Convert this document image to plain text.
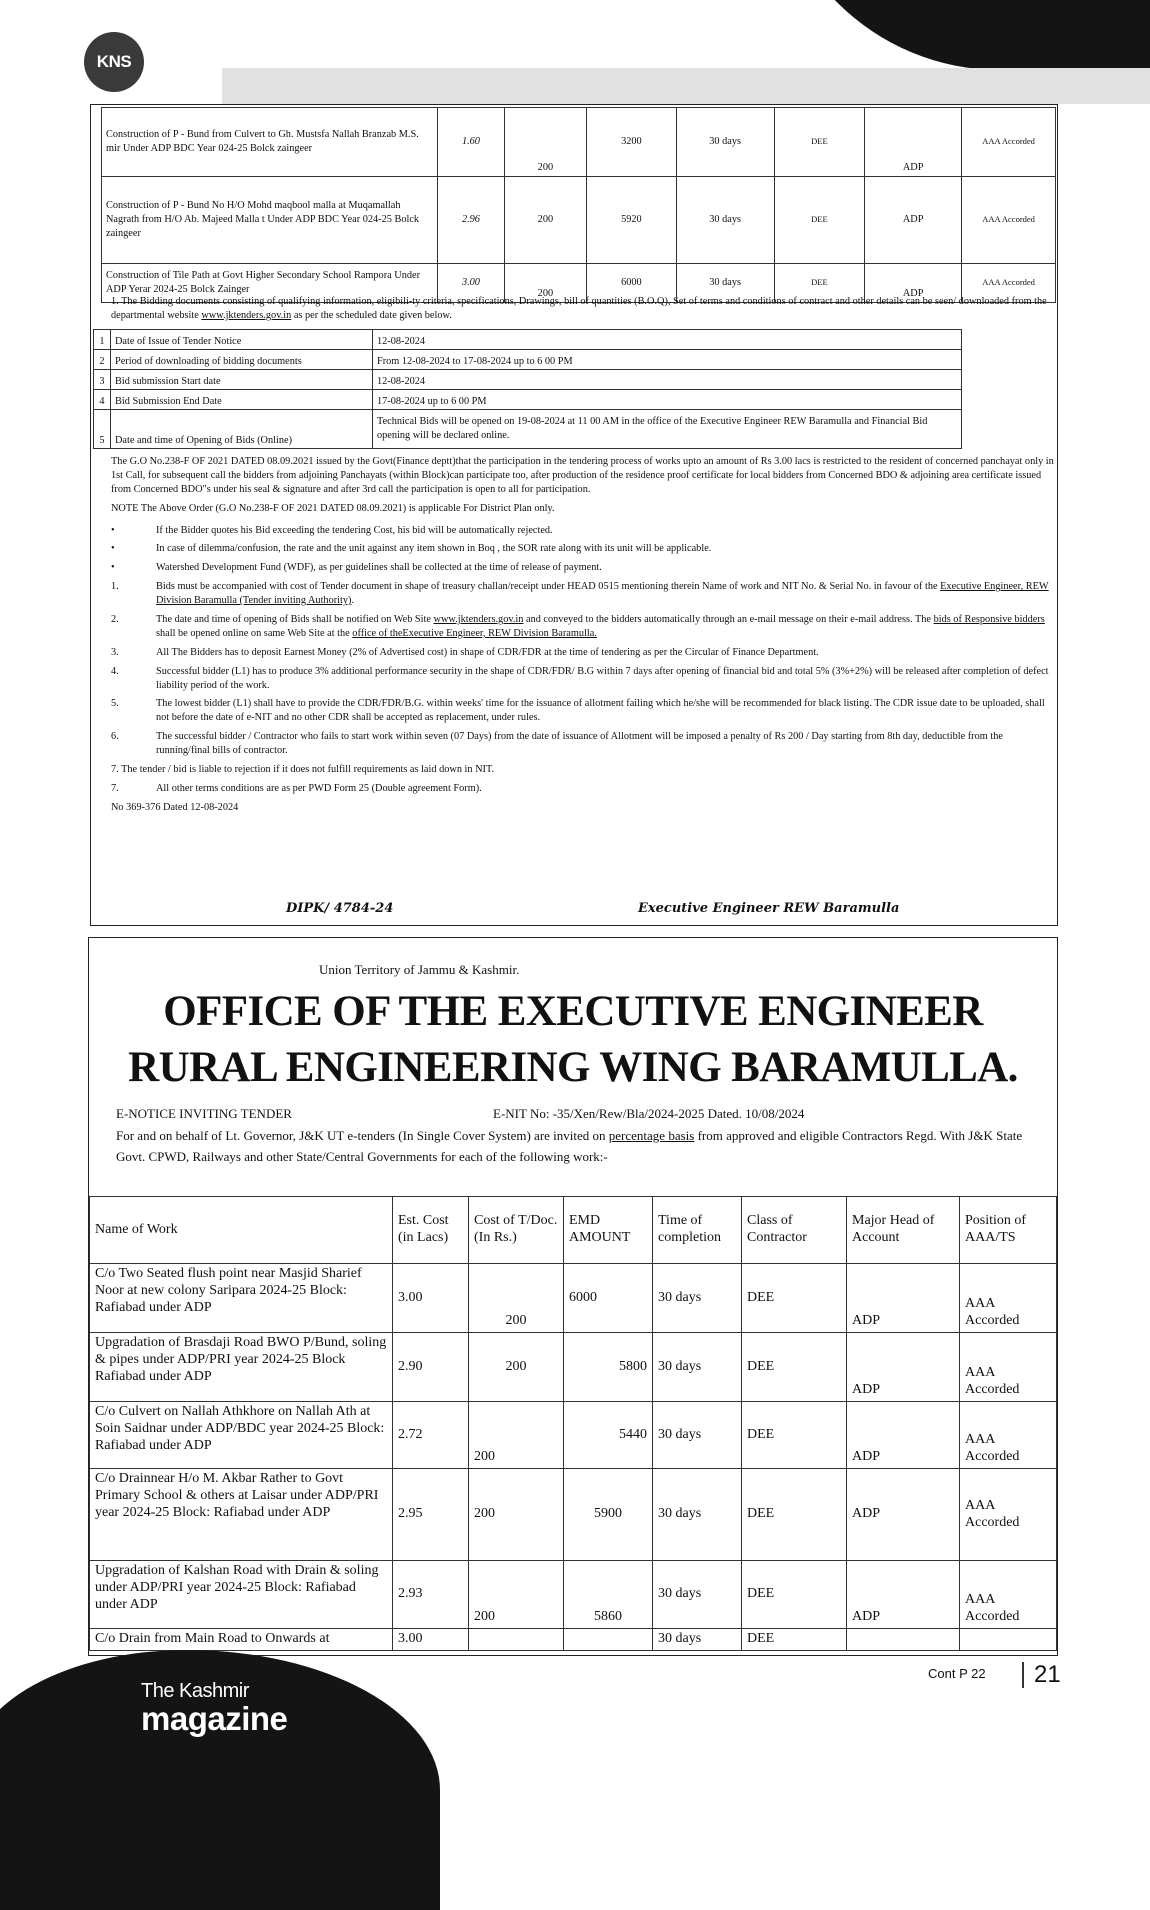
KNS
Construction of P - Bund from Culvert to Gh. Mustsfa Nallah Branzab M.S. mir Under ADP BDC Year 024-25 Bolck zaingeer	1.60	200	3200	30 days	DEE	ADP	AAA Accorded
Construction of P - Bund No H/O Mohd maqbool malla at Muqamallah Nagrath from H/O Ab. Majeed Malla t Under ADP BDC Year 024-25 Bolck zaingeer	2.96	200	5920	30 days	DEE	ADP	AAA Accorded
Construction of Tile Path at Govt Higher Secondary School Rampora Under ADP Yerar 2024-25 Bolck Zainger	3.00	200	6000	30 days	DEE	ADP	AAA Accorded

1. The Bidding documents consisting of qualifying information, eligibili-ty criteria, specifications, Drawings, bill of quantities (B.O.Q), Set of terms and conditions of contract and other details can be seen/ downloaded from the departmental website www.jktenders.gov.in as per the scheduled date given below.

1	Date of Issue of Tender Notice	12-08-2024
2	Period of downloading of bidding documents	From 12-08-2024 to 17-08-2024 up to 6 00 PM
3	Bid submission Start date	12-08-2024
4	Bid Submission End Date	17-08-2024 up to 6 00 PM
5	Date and time of Opening of Bids (Online)	Technical Bids will be opened on 19-08-2024 at 11 00 AM in the office of the Executive Engineer REW Baramulla and Financial Bid opening will be declared online.
The G.O No.238-F OF 2021 DATED 08.09.2021 issued by the Govt(Finance deptt)that the participation in the tendering process of works upto an amount of Rs 3.00 lacs is restricted to the resident of concerned panchayat only in 1st Call, for subsequent call the bidders from adjoining Panchayats (within Block)can participate too, after production of the residence proof certificate for local bidders from Concerned BDO & adjoining area certificate issued from Concerned BDO"s under his seal & signature and after 3rd call the participation is open to all for participation.
NOTE The Above Order (G.O No.238-F OF 2021 DATED 08.09.2021) is applicable For District Plan only.
•	If the Bidder quotes his Bid exceeding the tendering Cost, his bid will be automatically rejected.
•	In case of dilemma/confusion, the rate and the unit against any item shown in Boq , the SOR rate along with its unit will be applicable.
•	Watershed Development Fund (WDF), as per guidelines shall be collected at the time of release of payment.
1.	Bids must be accompanied with cost of Tender document in shape of treasury challan/receipt under HEAD 0515 mentioning therein Name of work and NIT No. & Serial No. in favour of the Executive Engineer, REW Division Baramulla (Tender inviting Authority).
2.	The date and time of opening of Bids shall be notified on Web Site www.jktenders.gov.in and conveyed to the bidders automatically through an e-mail message on their e-mail address. The bids of Responsive bidders shall be opened online on same Web Site at the office of theExecutive Engineer, REW Division Baramulla.
3.	All The Bidders has to deposit Earnest Money (2% of Advertised cost) in shape of CDR/FDR at the time of tendering as per the Circular of Finance Department.
4.	Successful bidder (L1) has to produce 3% additional performance security in the shape of CDR/FDR/ B.G within 7 days after opening of financial bid and total 5% (3%+2%) will be released after completion of defect liability period of the work.
5.	The lowest bidder (L1) shall have to provide the CDR/FDR/B.G. within weeks' time for the issuance of allotment failing which he/she will be recommended for black listing. The CDR issue date to be uploaded, shall not before the date of e-NIT and no other CDR shall be accepted as replacement, under rules.
6.	The successful bidder / Contractor who fails to start work within seven (07 Days) from the date of issuance of Allotment will be imposed a penalty of Rs 200 / Day starting from 8th day, deductible from the running/final bills of contractor.
7. The tender / bid is liable to rejection if it does not fulfill requirements as laid down in NIT.
7.	All other terms conditions are as per PWD Form 25 (Double agreement Form).
No 369-376 Dated 12-08-2024
DIPK/ 4784-24	Executive Engineer REW Baramulla
Union Territory of Jammu & Kashmir.
OFFICE OF THE EXECUTIVE ENGINEER
RURAL ENGINEERING WING BARAMULLA.
E-NOTICE INVITING TENDER	E-NIT No: -35/Xen/Rew/Bla/2024-2025 Dated. 10/08/2024
For and on behalf of Lt. Governor, J&K UT e-tenders (In Single Cover System) are invited on percentage basis from approved and eligible Contractors Regd. With J&K State Govt. CPWD, Railways and other State/Central Governments for each of the following work:-
Name of Work	Est. Cost (in Lacs)	Cost of T/Doc. (In Rs.)	EMD AMOUNT	Time of completion	Class of Contractor	Major Head of Account	Position of AAA/TS
C/o Two Seated flush point near Masjid Sharief Noor at new colony Saripara 2024-25 Block: Rafiabad under ADP	3.00	200	6000	30 days	DEE	ADP	AAA Accorded
Upgradation of Brasdaji Road BWO P/Bund, soling & pipes under ADP/PRI year 2024-25 Block Rafiabad under ADP	2.90	200	5800	30 days	DEE	ADP	AAA Accorded
C/o Culvert on Nallah Athkhore on Nallah Ath at Soin Saidnar under ADP/BDC year 2024-25 Block: Rafiabad under ADP	2.72	200	5440	30 days	DEE	ADP	AAA Accorded
C/o Drainnear H/o M. Akbar Rather to Govt Primary School & others at Laisar under ADP/PRI year 2024-25 Block: Rafiabad under ADP	2.95	200	5900	30 days	DEE	ADP	AAA Accorded
Upgradation of Kalshan Road with Drain & soling under ADP/PRI year 2024-25 Block: Rafiabad under ADP	2.93	200	5860	30 days	DEE	ADP	AAA Accorded
C/o Drain from Main Road to Onwards at	3.00			30 days	DEE		
The Kashmir
magazine
Cont P 22	21
